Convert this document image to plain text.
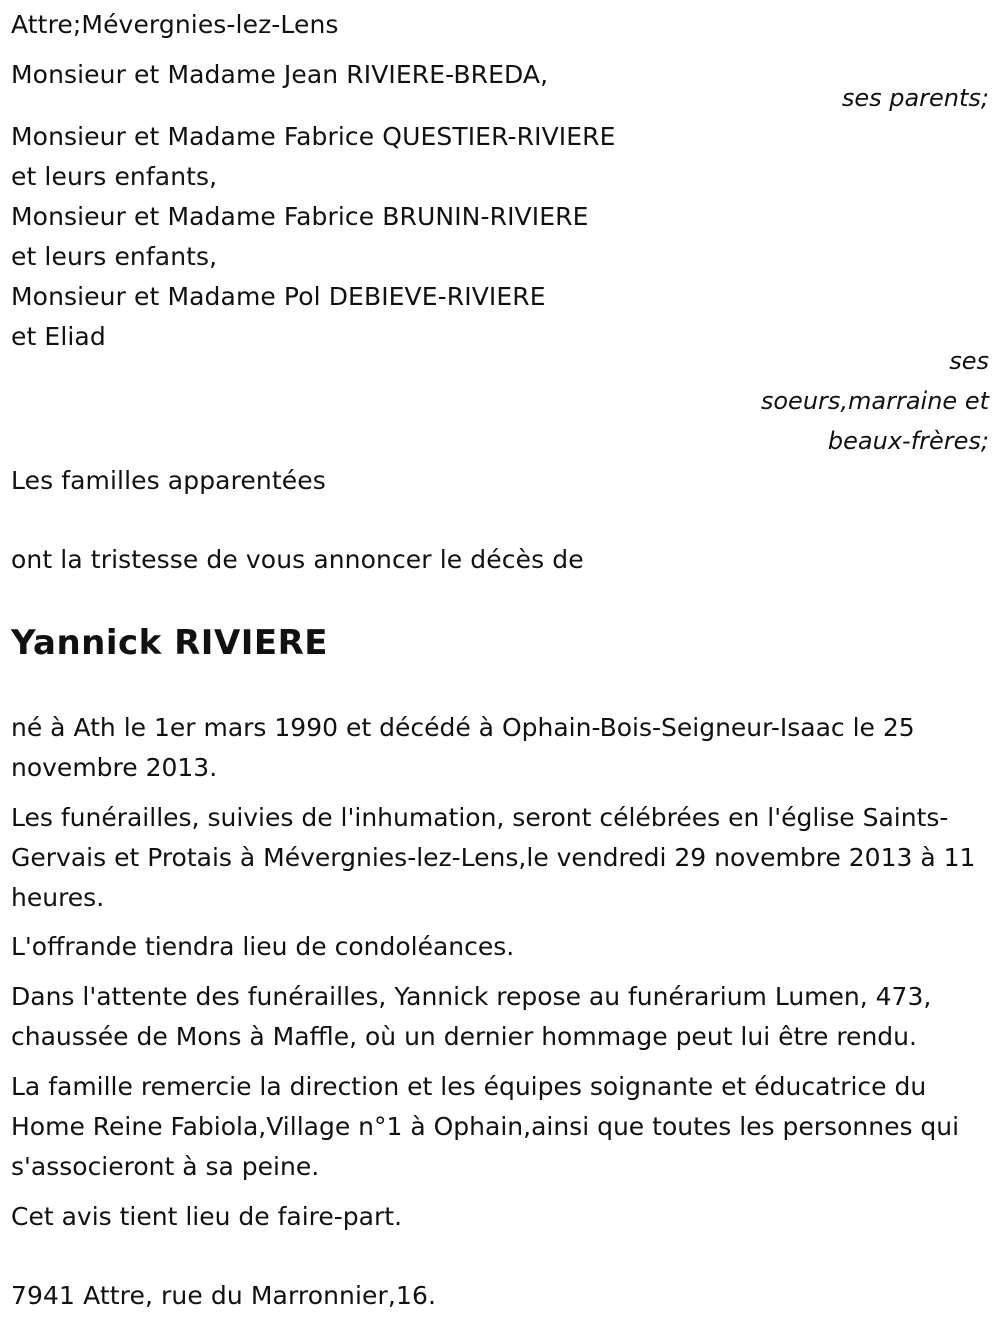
Attre;Mévergnies-lez-Lens
Monsieur et Madame Jean RIVIERE-BREDA,
ses parents;
Monsieur et Madame Fabrice QUESTIER-RIVIERE
et leurs enfants,
Monsieur et Madame Fabrice BRUNIN-RIVIERE
et leurs enfants,
Monsieur et Madame Pol DEBIEVE-RIVIERE
et Eliad
ses
soeurs,marraine et
beaux-frères;
Les familles apparentées
ont la tristesse de vous annoncer le décès de
Yannick RIVIERE
né à Ath le 1er mars 1990 et décédé à Ophain-Bois-Seigneur-Isaac le 25 novembre 2013.
Les funérailles, suivies de l'inhumation, seront célébrées en l'église Saints-Gervais et Protais à Mévergnies-lez-Lens,le vendredi 29 novembre 2013 à 11 heures.
L'offrande tiendra lieu de condoléances.
Dans l'attente des funérailles, Yannick repose au funérarium Lumen, 473, chaussée de Mons à Maffle, où un dernier hommage peut lui être rendu.
La famille remercie la direction et les équipes soignante et éducatrice du Home Reine Fabiola,Village n°1 à Ophain,ainsi que toutes les personnes qui s'associeront à sa peine.
Cet avis tient lieu de faire-part.
7941 Attre, rue du Marronnier,16.
